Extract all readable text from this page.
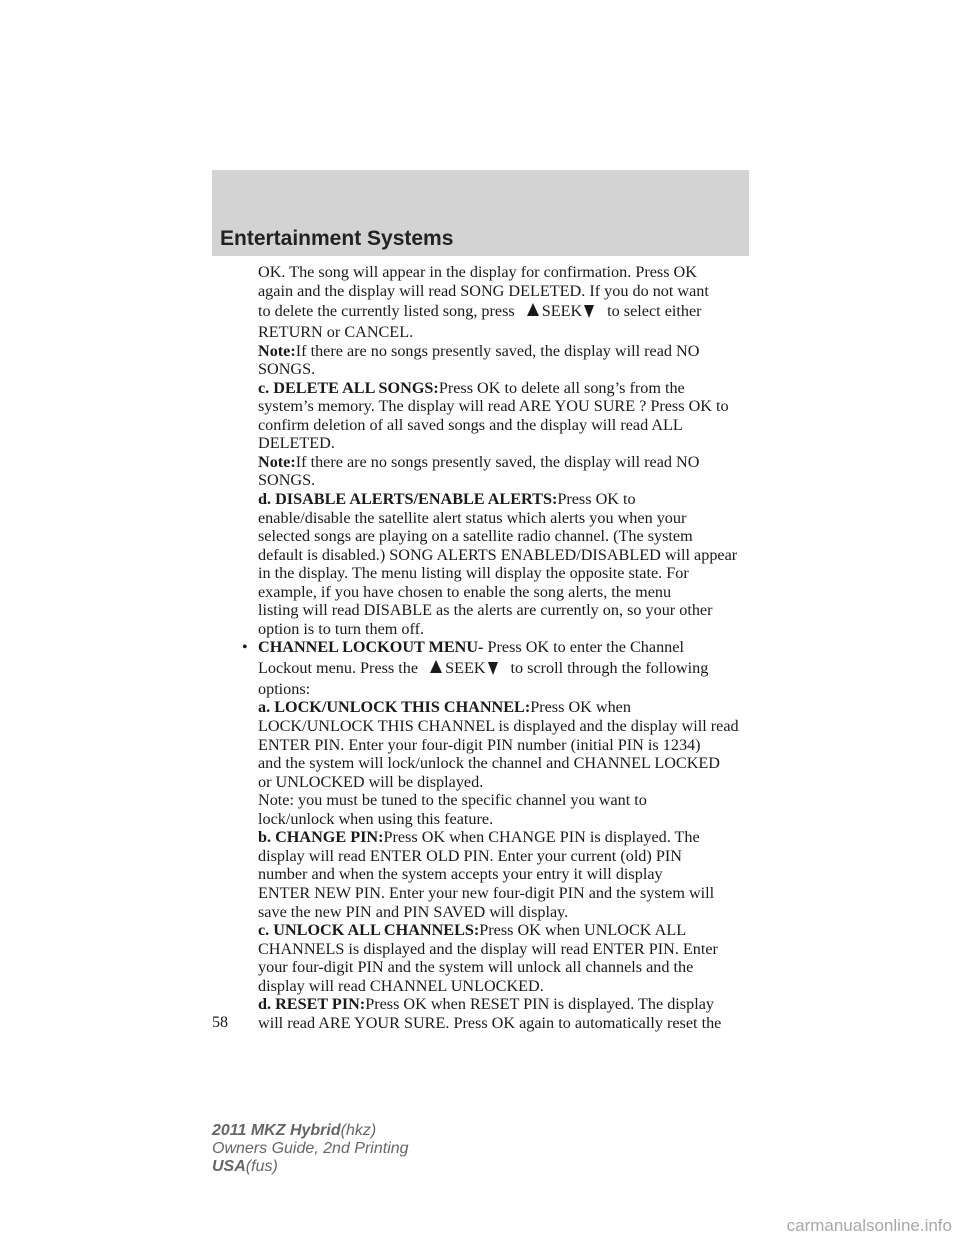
Entertainment Systems
OK. The song will appear in the display for confirmation. Press OK
again and the display will read SONG DELETED. If you do not want
to delete the currently listed song, press SEEK to select either
RETURN or CANCEL.
Note:If there are no songs presently saved, the display will read NO
SONGS.
c. DELETE ALL SONGS:Press OK to delete all song’s from the
system’s memory. The display will read ARE YOU SURE ? Press OK to
confirm deletion of all saved songs and the display will read ALL
DELETED.
Note:If there are no songs presently saved, the display will read NO
SONGS.
d. DISABLE ALERTS/ENABLE ALERTS:Press OK to
enable/disable the satellite alert status which alerts you when your
selected songs are playing on a satellite radio channel. (The system
default is disabled.) SONG ALERTS ENABLED/DISABLED will appear
in the display. The menu listing will display the opposite state. For
example, if you have chosen to enable the song alerts, the menu
listing will read DISABLE as the alerts are currently on, so your other
option is to turn them off.
• CHANNEL LOCKOUT MENU- Press OK to enter the Channel
Lockout menu. Press the SEEK to scroll through the following
options:
a. LOCK/UNLOCK THIS CHANNEL:Press OK when
LOCK/UNLOCK THIS CHANNEL is displayed and the display will read
ENTER PIN. Enter your four-digit PIN number (initial PIN is 1234)
and the system will lock/unlock the channel and CHANNEL LOCKED
or UNLOCKED will be displayed.
Note: you must be tuned to the specific channel you want to
lock/unlock when using this feature.
b. CHANGE PIN:Press OK when CHANGE PIN is displayed. The
display will read ENTER OLD PIN. Enter your current (old) PIN
number and when the system accepts your entry it will display
ENTER NEW PIN. Enter your new four-digit PIN and the system will
save the new PIN and PIN SAVED will display.
c. UNLOCK ALL CHANNELS:Press OK when UNLOCK ALL
CHANNELS is displayed and the display will read ENTER PIN. Enter
your four-digit PIN and the system will unlock all channels and the
display will read CHANNEL UNLOCKED.
d. RESET PIN:Press OK when RESET PIN is displayed. The display
will read ARE YOUR SURE. Press OK again to automatically reset the
58
2011 MKZ Hybrid(hkz)
Owners Guide, 2nd Printing
USA(fus)
carmanualsonline.info
